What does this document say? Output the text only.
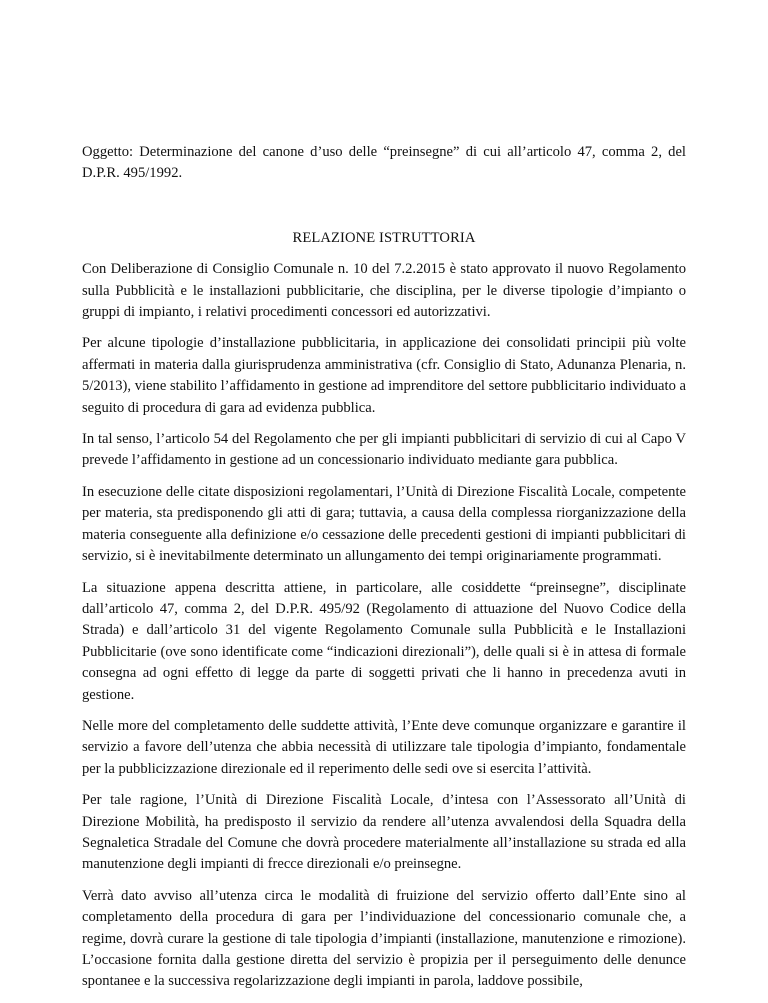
Oggetto: Determinazione del canone d’uso delle “preinsegne” di cui all’articolo 47, comma 2, del D.P.R. 495/1992.

RELAZIONE ISTRUTTORIA

Con Deliberazione di Consiglio Comunale n. 10 del 7.2.2015 è stato approvato il nuovo Regolamento sulla Pubblicità e le installazioni pubblicitarie, che disciplina, per le diverse tipologie d’impianto o gruppi di impianto, i relativi procedimenti concessori ed autorizzativi.

Per alcune tipologie d’installazione pubblicitaria, in applicazione dei consolidati principii più volte affermati in materia dalla giurisprudenza amministrativa (cfr. Consiglio di Stato, Adunanza Plenaria, n. 5/2013), viene stabilito l’affidamento in gestione ad imprenditore del settore pubblicitario individuato a seguito di procedura di gara ad evidenza pubblica.

In tal senso, l’articolo 54 del Regolamento che per gli impianti pubblicitari di servizio di cui al Capo V prevede l’affidamento in gestione ad un concessionario individuato mediante gara pubblica.

In esecuzione delle citate disposizioni regolamentari, l’Unità di Direzione Fiscalità Locale, competente per materia, sta predisponendo gli atti di gara; tuttavia, a causa della complessa riorganizzazione della materia conseguente alla definizione e/o cessazione delle precedenti gestioni di impianti pubblicitari di servizio, si è inevitabilmente determinato un allungamento dei tempi originariamente programmati.

La situazione appena descritta attiene, in particolare, alle cosiddette “preinsegne”, disciplinate dall’articolo 47, comma 2, del D.P.R. 495/92 (Regolamento di attuazione del Nuovo Codice della Strada) e dall’articolo 31 del vigente Regolamento Comunale sulla Pubblicità e le Installazioni Pubblicitarie (ove sono identificate come “indicazioni direzionali”), delle quali si è in attesa di formale consegna ad ogni effetto di legge da parte di soggetti privati che li hanno in precedenza avuti in gestione.

Nelle more del completamento delle suddette attività, l’Ente deve comunque organizzare e garantire il servizio a favore dell’utenza che abbia necessità di utilizzare tale tipologia d’impianto, fondamentale per la pubblicizzazione direzionale ed il reperimento delle sedi ove si esercita l’attività.

Per tale ragione, l’Unità di Direzione Fiscalità Locale, d’intesa con l’Assessorato all’Unità di Direzione Mobilità, ha predisposto il servizio da rendere all’utenza avvalendosi della Squadra della Segnaletica Stradale del Comune che dovrà procedere materialmente all’installazione su strada ed alla manutenzione degli impianti di frecce direzionali e/o preinsegne.

Verrà dato avviso all’utenza circa le modalità di fruizione del servizio offerto dall’Ente sino al completamento della procedura di gara per l’individuazione del concessionario comunale che, a regime, dovrà curare la gestione di tale tipologia d’impianti (installazione, manutenzione e rimozione). L’occasione fornita dalla gestione diretta del servizio è propizia per il perseguimento delle denunce spontanee e la successiva regolarizzazione degli impianti in parola, laddove possibile,
